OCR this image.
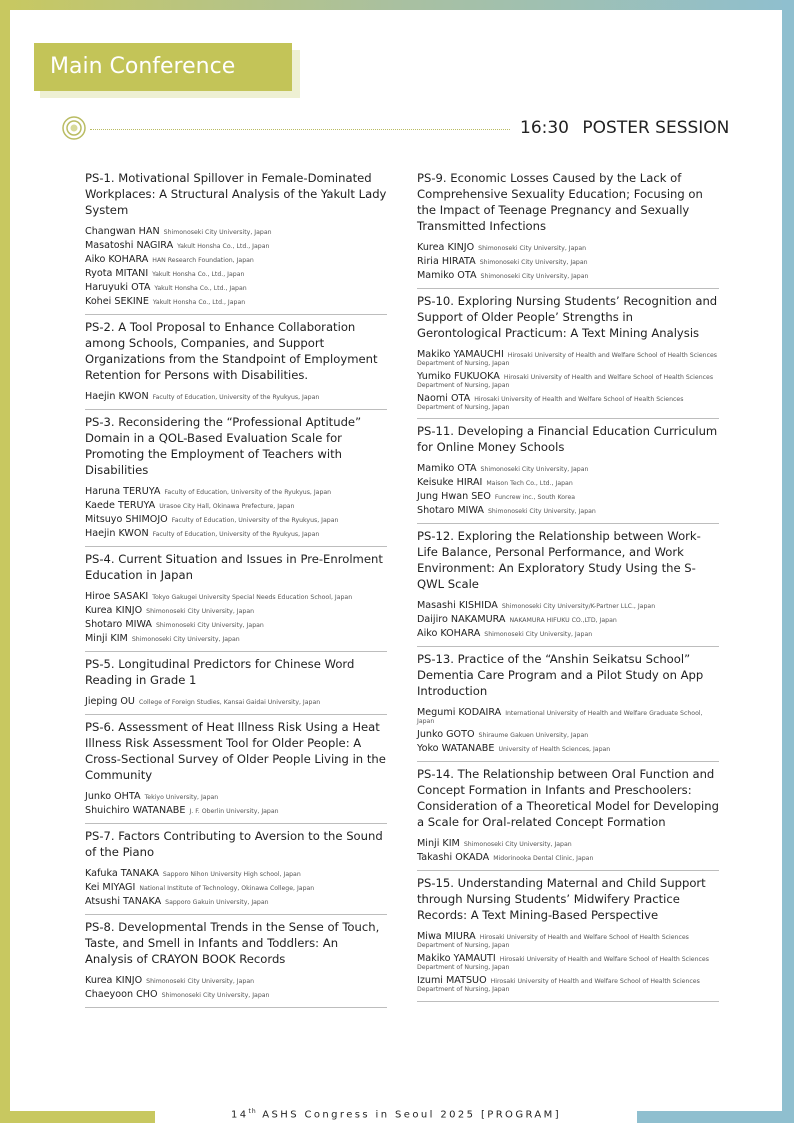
Main Conference
16:30 POSTER SESSION
PS-1. Motivational Spillover in Female-Dominated Workplaces: A Structural Analysis of the Yakult Lady System
Changwan HAN Shimonoseki City University, Japan
Masatoshi NAGIRA Yakult Honsha Co., Ltd., Japan
Aiko KOHARA HAN Research Foundation, Japan
Ryota MITANI Yakult Honsha Co., Ltd., Japan
Haruyuki OTA Yakult Honsha Co., Ltd., Japan
Kohei SEKINE Yakult Honsha Co., Ltd., Japan
PS-2. A Tool Proposal to Enhance Collaboration among Schools, Companies, and Support Organizations from the Standpoint of Employment Retention for Persons with Disabilities.
Haejin KWON Faculty of Education, University of the Ryukyus, Japan
PS-3. Reconsidering the “Professional Aptitude” Domain in a QOL-Based Evaluation Scale for Promoting the Employment of Teachers with Disabilities
Haruna TERUYA Faculty of Education, University of the Ryukyus, Japan
Kaede TERUYA Urasoe City Hall, Okinawa Prefecture, Japan
Mitsuyo SHIMOJO Faculty of Education, University of the Ryukyus, Japan
Haejin KWON Faculty of Education, University of the Ryukyus, Japan
PS-4. Current Situation and Issues in Pre-Enrolment Education in Japan
Hiroe SASAKI Tokyo Gakugei University Special Needs Education School, Japan
Kurea KINJO Shimonoseki City University, Japan
Shotaro MIWA Shimonoseki City University, Japan
Minji KIM Shimonoseki City University, Japan
PS-5. Longitudinal Predictors for Chinese Word Reading in Grade 1
Jieping OU College of Foreign Studies, Kansai Gaidai University, Japan
PS-6. Assessment of Heat Illness Risk Using a Heat Illness Risk Assessment Tool for Older People: A Cross-Sectional Survey of Older People Living in the Community
Junko OHTA Tekiyo University, Japan
Shuichiro WATANABE J. F. Oberlin University, Japan
PS-7. Factors Contributing to Aversion to the Sound of the Piano
Kafuka TANAKA Sapporo Nihon University High school, Japan
Kei MIYAGI National Institute of Technology, Okinawa College, Japan
Atsushi TANAKA Sapporo Gakuin University, Japan
PS-8. Developmental Trends in the Sense of Touch, Taste, and Smell in Infants and Toddlers: An Analysis of CRAYON BOOK Records
Kurea KINJO Shimonoseki City University, Japan
Chaeyoon CHO Shimonoseki City University, Japan
PS-9. Economic Losses Caused by the Lack of Comprehensive Sexuality Education; Focusing on the Impact of Teenage Pregnancy and Sexually Transmitted Infections
Kurea KINJO Shimonoseki City University, Japan
Riria HIRATA Shimonoseki City University, Japan
Mamiko OTA Shimonoseki City University, Japan
PS-10. Exploring Nursing Students’ Recognition and Support of Older People’ Strengths in Gerontological Practicum: A Text Mining Analysis
Makiko YAMAUCHI Hirosaki University of Health and Welfare School of Health Sciences Department of Nursing, Japan
Yumiko FUKUOKA Hirosaki University of Health and Welfare School of Health Sciences Department of Nursing, Japan
Naomi OTA Hirosaki University of Health and Welfare School of Health Sciences Department of Nursing, Japan
PS-11. Developing a Financial Education Curriculum for Online Money Schools
Mamiko OTA Shimonoseki City University, Japan
Keisuke HIRAI Maison Tech Co., Ltd., Japan
Jung Hwan SEO Funcrew inc., South Korea
Shotaro MIWA Shimonoseki City University, Japan
PS-12. Exploring the Relationship between Work-Life Balance, Personal Performance, and Work Environment: An Exploratory Study Using the S-QWL Scale
Masashi KISHIDA Shimonoseki City University/K-Partner LLC., Japan
Daijiro NAKAMURA NAKAMURA HIFUKU CO.,LTD, Japan
Aiko KOHARA Shimonoseki City University, Japan
PS-13. Practice of the “Anshin Seikatsu School” Dementia Care Program and a Pilot Study on App Introduction
Megumi KODAIRA International University of Health and Welfare Graduate School, Japan
Junko GOTO Shiraume Gakuen University, Japan
Yoko WATANABE University of Health Sciences, Japan
PS-14. The Relationship between Oral Function and Concept Formation in Infants and Preschoolers: Consideration of a Theoretical Model for Developing a Scale for Oral-related Concept Formation
Minji KIM Shimonoseki City University, Japan
Takashi OKADA Midorinooka Dental Clinic, Japan
PS-15. Understanding Maternal and Child Support through Nursing Students’ Midwifery Practice Records: A Text Mining-Based Perspective
Miwa MIURA Hirosaki University of Health and Welfare School of Health Sciences Department of Nursing, Japan
Makiko YAMAUTI Hirosaki University of Health and Welfare School of Health Sciences Department of Nursing, Japan
Izumi MATSUO Hirosaki University of Health and Welfare School of Health Sciences Department of Nursing, Japan
14th ASHS Congress in Seoul 2025 [PROGRAM]
